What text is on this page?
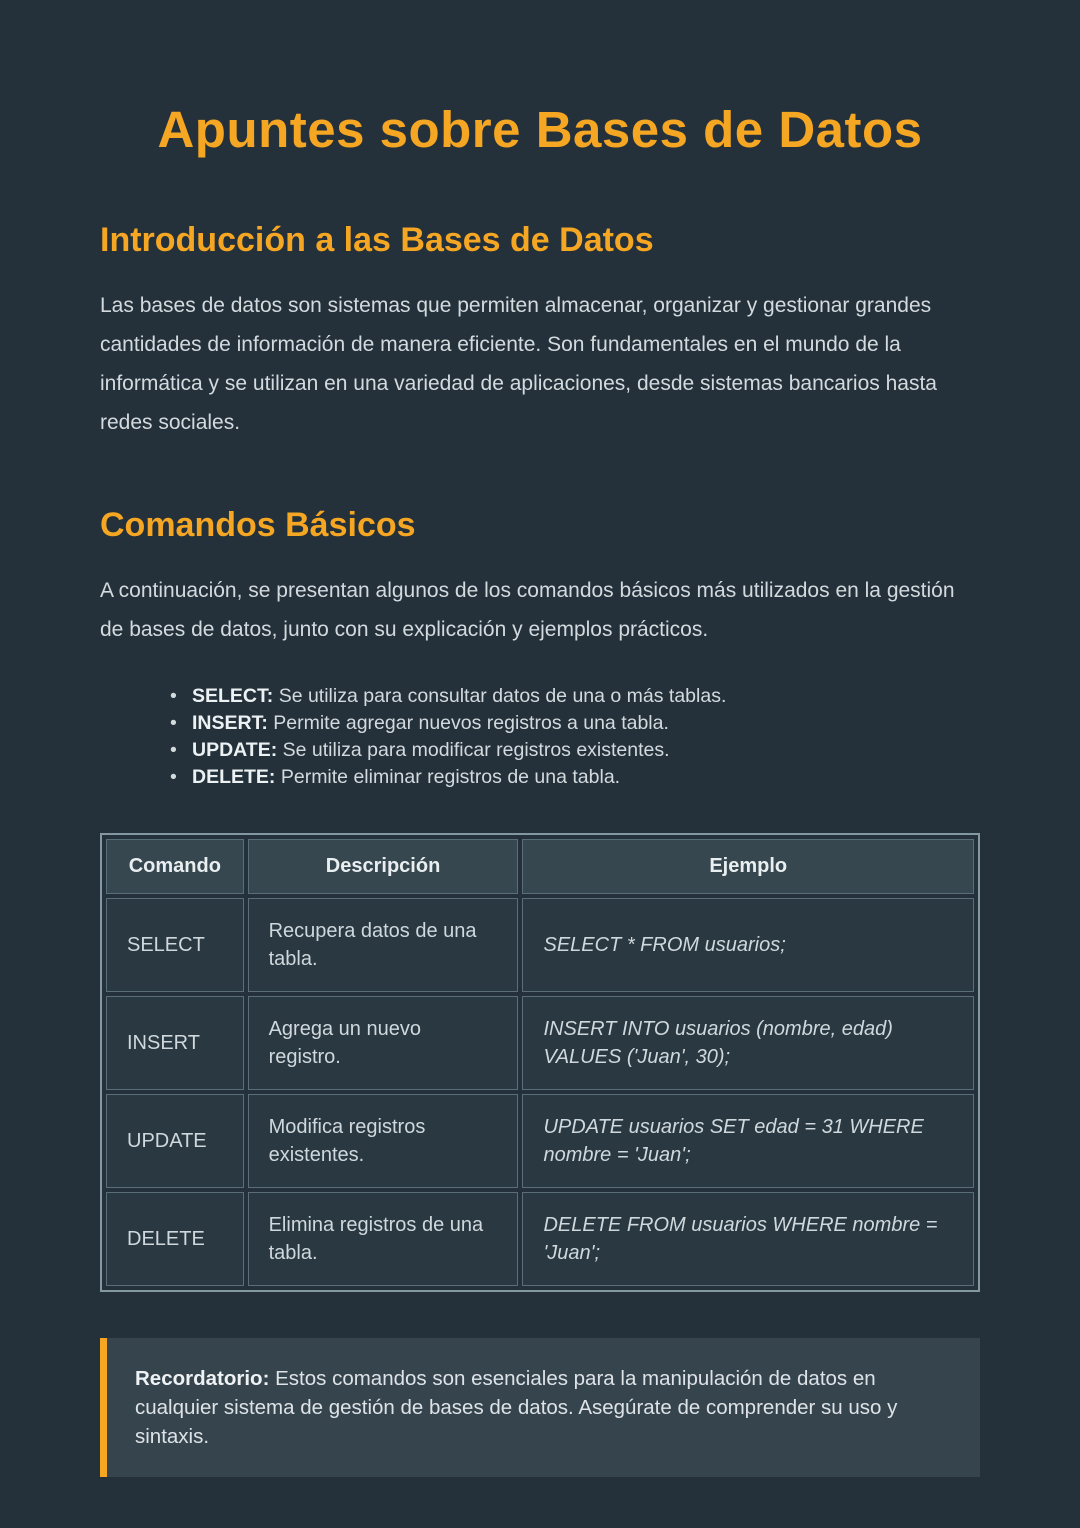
Apuntes sobre Bases de Datos
Introducción a las Bases de Datos

Las bases de datos son sistemas que permiten almacenar, organizar y gestionar grandes cantidades de información de manera eficiente. Son fundamentales en el mundo de la informática y se utilizan en una variedad de aplicaciones, desde sistemas bancarios hasta redes sociales.

Comandos Básicos

A continuación, se presentan algunos de los comandos básicos más utilizados en la gestión de bases de datos, junto con su explicación y ejemplos prácticos.

• SELECT: Se utiliza para consultar datos de una o más tablas.
• INSERT: Permite agregar nuevos registros a una tabla.
• UPDATE: Se utiliza para modificar registros existentes.
• DELETE: Permite eliminar registros de una tabla.
Comando	Descripción	Ejemplo
SELECT	Recupera datos de una tabla.	SELECT * FROM usuarios;
INSERT	Agrega un nuevo registro.	INSERT INTO usuarios (nombre, edad) VALUES ('Juan', 30);
UPDATE	Modifica registros existentes.	UPDATE usuarios SET edad = 31 WHERE nombre = 'Juan';
DELETE	Elimina registros de una tabla.	DELETE FROM usuarios WHERE nombre = 'Juan';
Recordatorio: Estos comandos son esenciales para la manipulación de datos en cualquier sistema de gestión de bases de datos. Asegúrate de comprender su uso y sintaxis.
